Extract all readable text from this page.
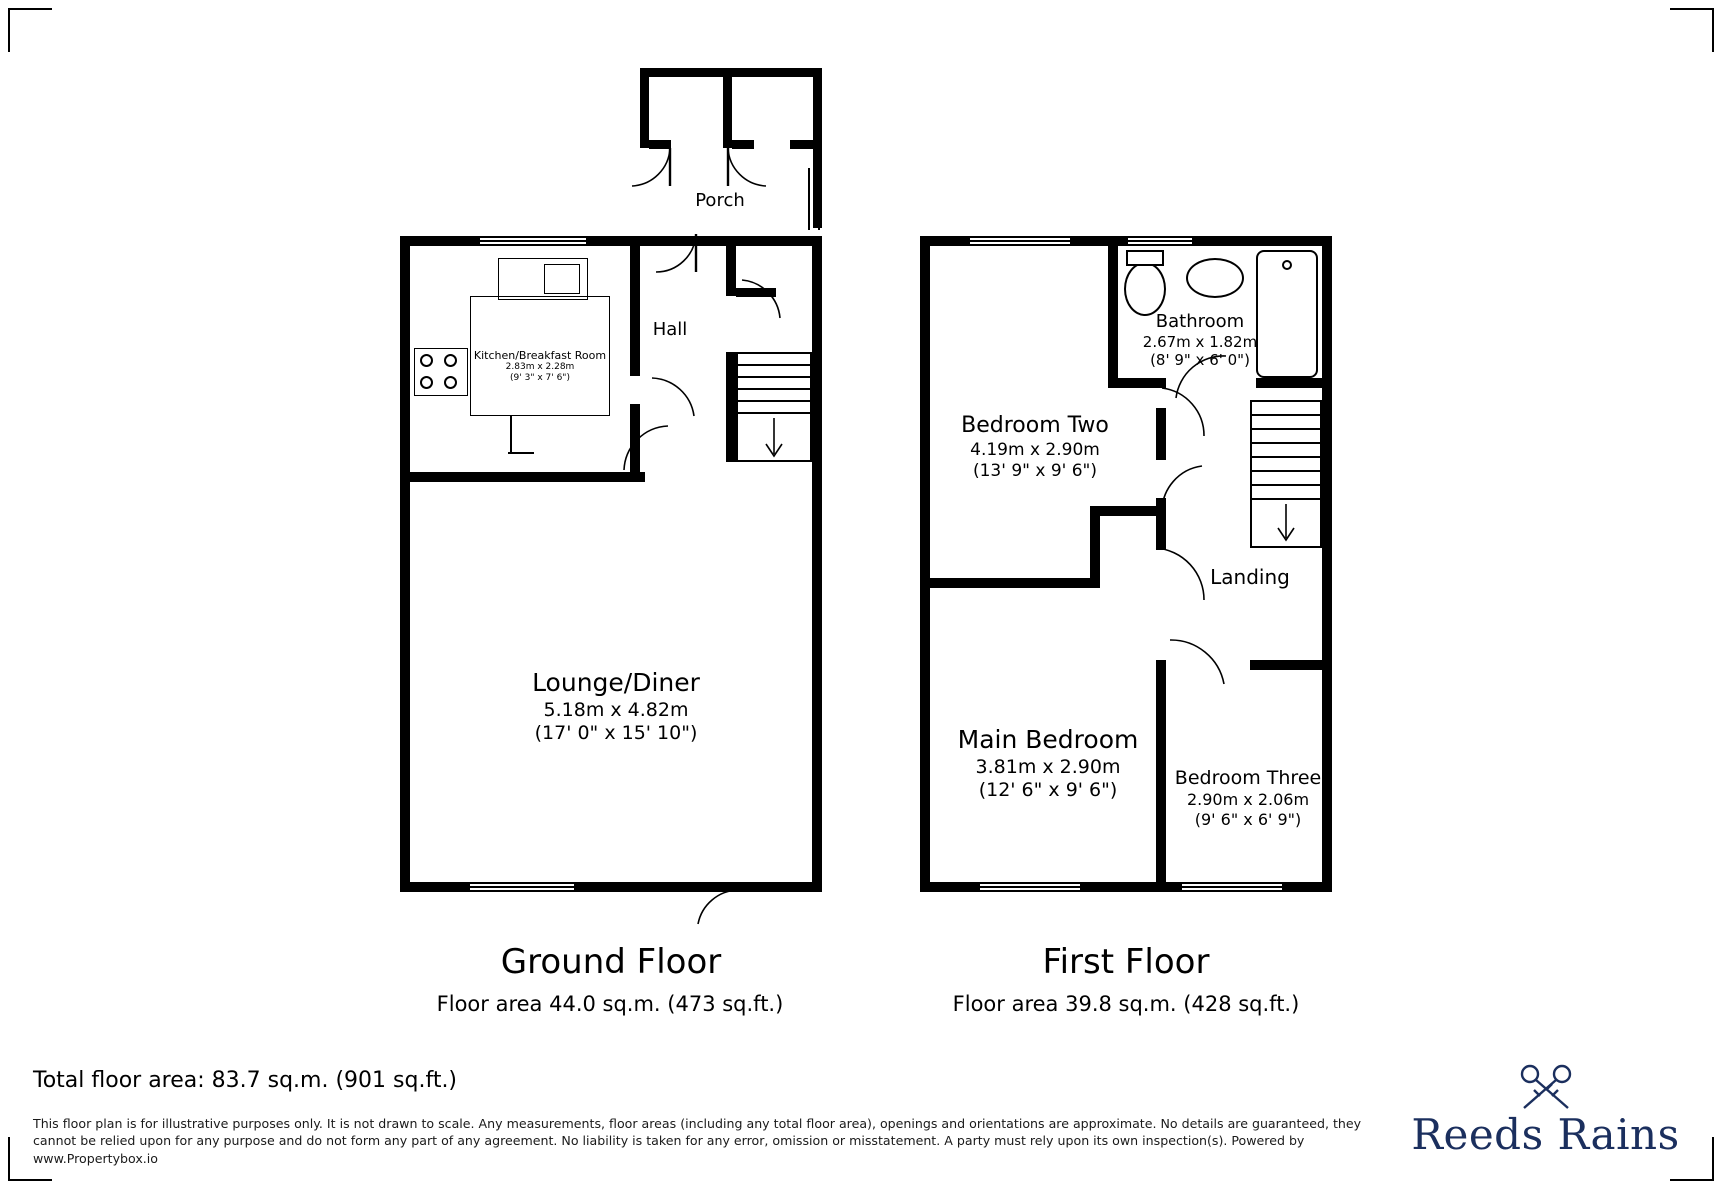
Porch
Kitchen/Breakfast Room
2.83m x 2.28m
(9' 3" x 7' 6")
Hall
Lounge/Diner
5.18m x 4.82m
(17' 0" x 15' 10")
Ground Floor
Floor area 44.0 sq.m. (473 sq.ft.)
Bathroom
2.67m x 1.82m
(8' 9" x 6' 0")
Bedroom Two
4.19m x 2.90m
(13' 9" x 9' 6")
Landing
Main Bedroom
3.81m x 2.90m
(12' 6" x 9' 6")
Bedroom Three
2.90m x 2.06m
(9' 6" x 6' 9")
First Floor
Floor area 39.8 sq.m. (428 sq.ft.)
Total floor area: 83.7 sq.m. (901 sq.ft.)
This floor plan is for illustrative purposes only. It is not drawn to scale. Any measurements, floor areas (including any total floor area), openings and orientations are approximate. No details are guaranteed, they cannot be relied upon for any purpose and do not form any part of any agreement. No liability is taken for any error, omission or misstatement. A party must rely upon its own inspection(s). Powered by www.Propertybox.io	Reeds Rains
